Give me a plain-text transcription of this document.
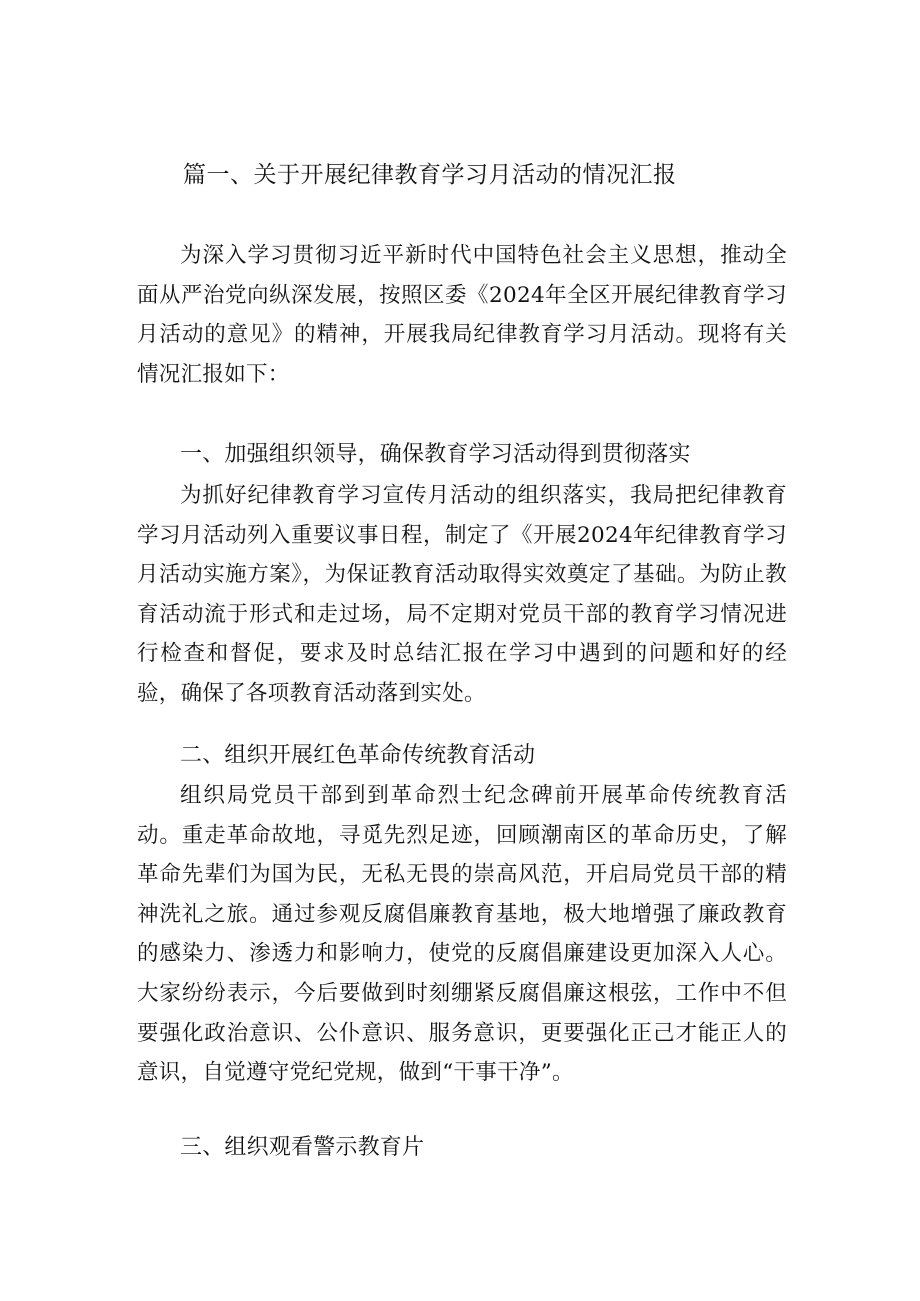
篇一、关于开展纪律教育学习月活动的情况汇报

为深入学习贯彻习近平新时代中国特色社会主义思想，推动全面从严治党向纵深发展，按照区委《2024年全区开展纪律教育学习月活动的意见》的精神，开展我局纪律教育学习月活动。现将有关情况汇报如下：

一、加强组织领导，确保教育学习活动得到贯彻落实

为抓好纪律教育学习宣传月活动的组织落实，我局把纪律教育学习月活动列入重要议事日程，制定了《开展2024年纪律教育学习月活动实施方案》，为保证教育活动取得实效奠定了基础。为防止教育活动流于形式和走过场，局不定期对党员干部的教育学习情况进行检查和督促，要求及时总结汇报在学习中遇到的问题和好的经验，确保了各项教育活动落到实处。

二、组织开展红色革命传统教育活动

组织局党员干部到到革命烈士纪念碑前开展革命传统教育活动。重走革命故地，寻觅先烈足迹，回顾潮南区的革命历史，了解革命先辈们为国为民，无私无畏的崇高风范，开启局党员干部的精神洗礼之旅。通过参观反腐倡廉教育基地，极大地增强了廉政教育的感染力、渗透力和影响力，使党的反腐倡廉建设更加深入人心。大家纷纷表示，今后要做到时刻绷紧反腐倡廉这根弦，工作中不但要强化政治意识、公仆意识、服务意识，更要强化正己才能正人的意识，自觉遵守党纪党规，做到“干事干净”。

三、组织观看警示教育片
